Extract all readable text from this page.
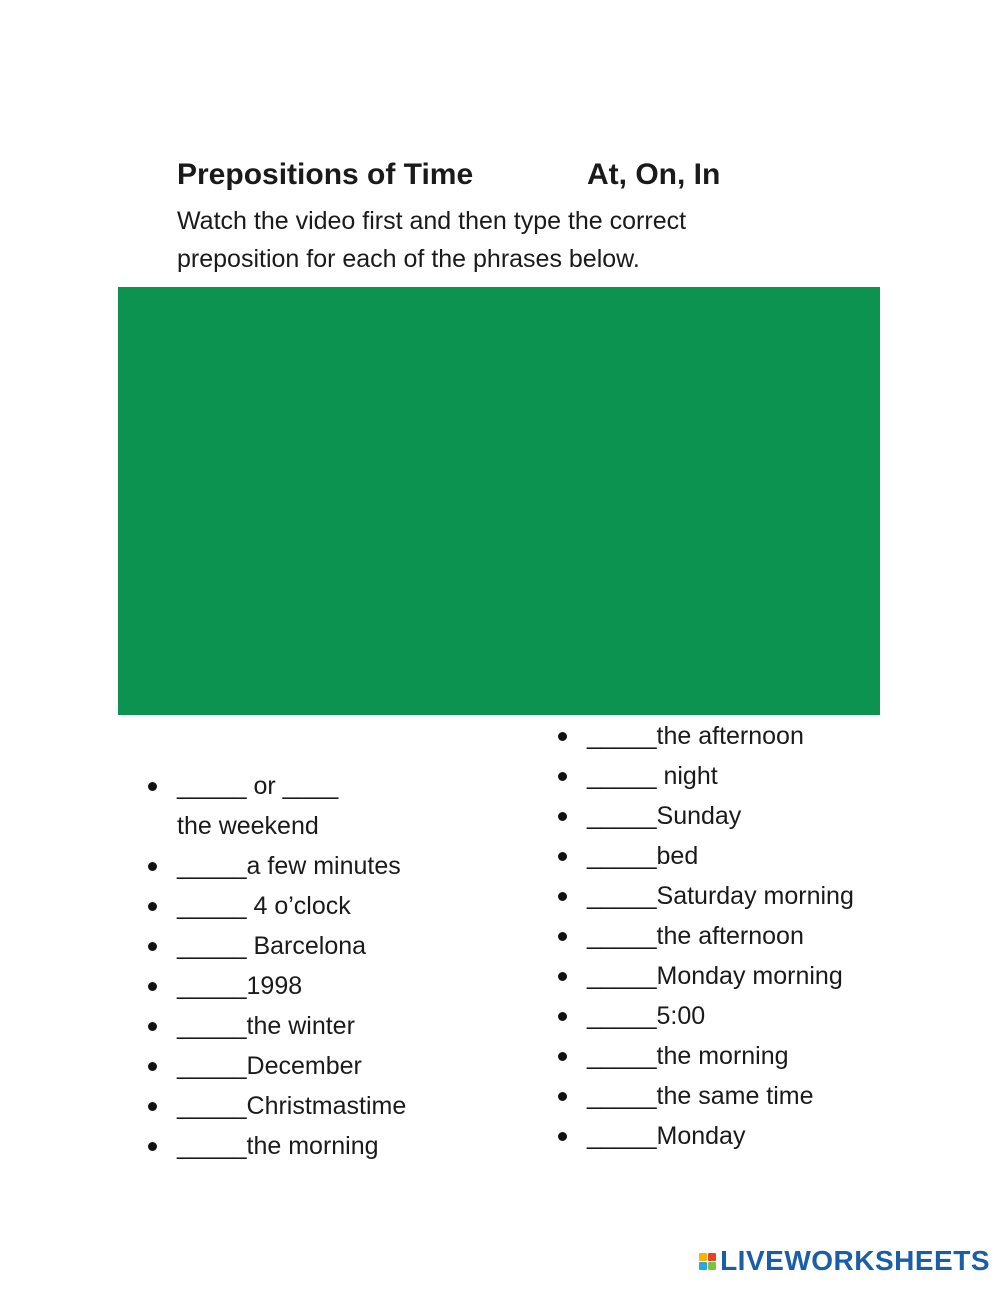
Prepositions of Time	At, On, In
Watch the video first and then type the correct preposition for each of the phrases below.
_____ or ____
the weekend
_____a few minutes
_____ 4 o’clock
_____ Barcelona
_____1998
_____the winter
_____December
_____Christmastime
_____the morning
_____the afternoon
_____ night
_____Sunday
_____bed
_____Saturday morning
_____the afternoon
_____Monday morning
_____5:00
_____the morning
_____the same time
_____Monday
LIVEWORKSHEETS
